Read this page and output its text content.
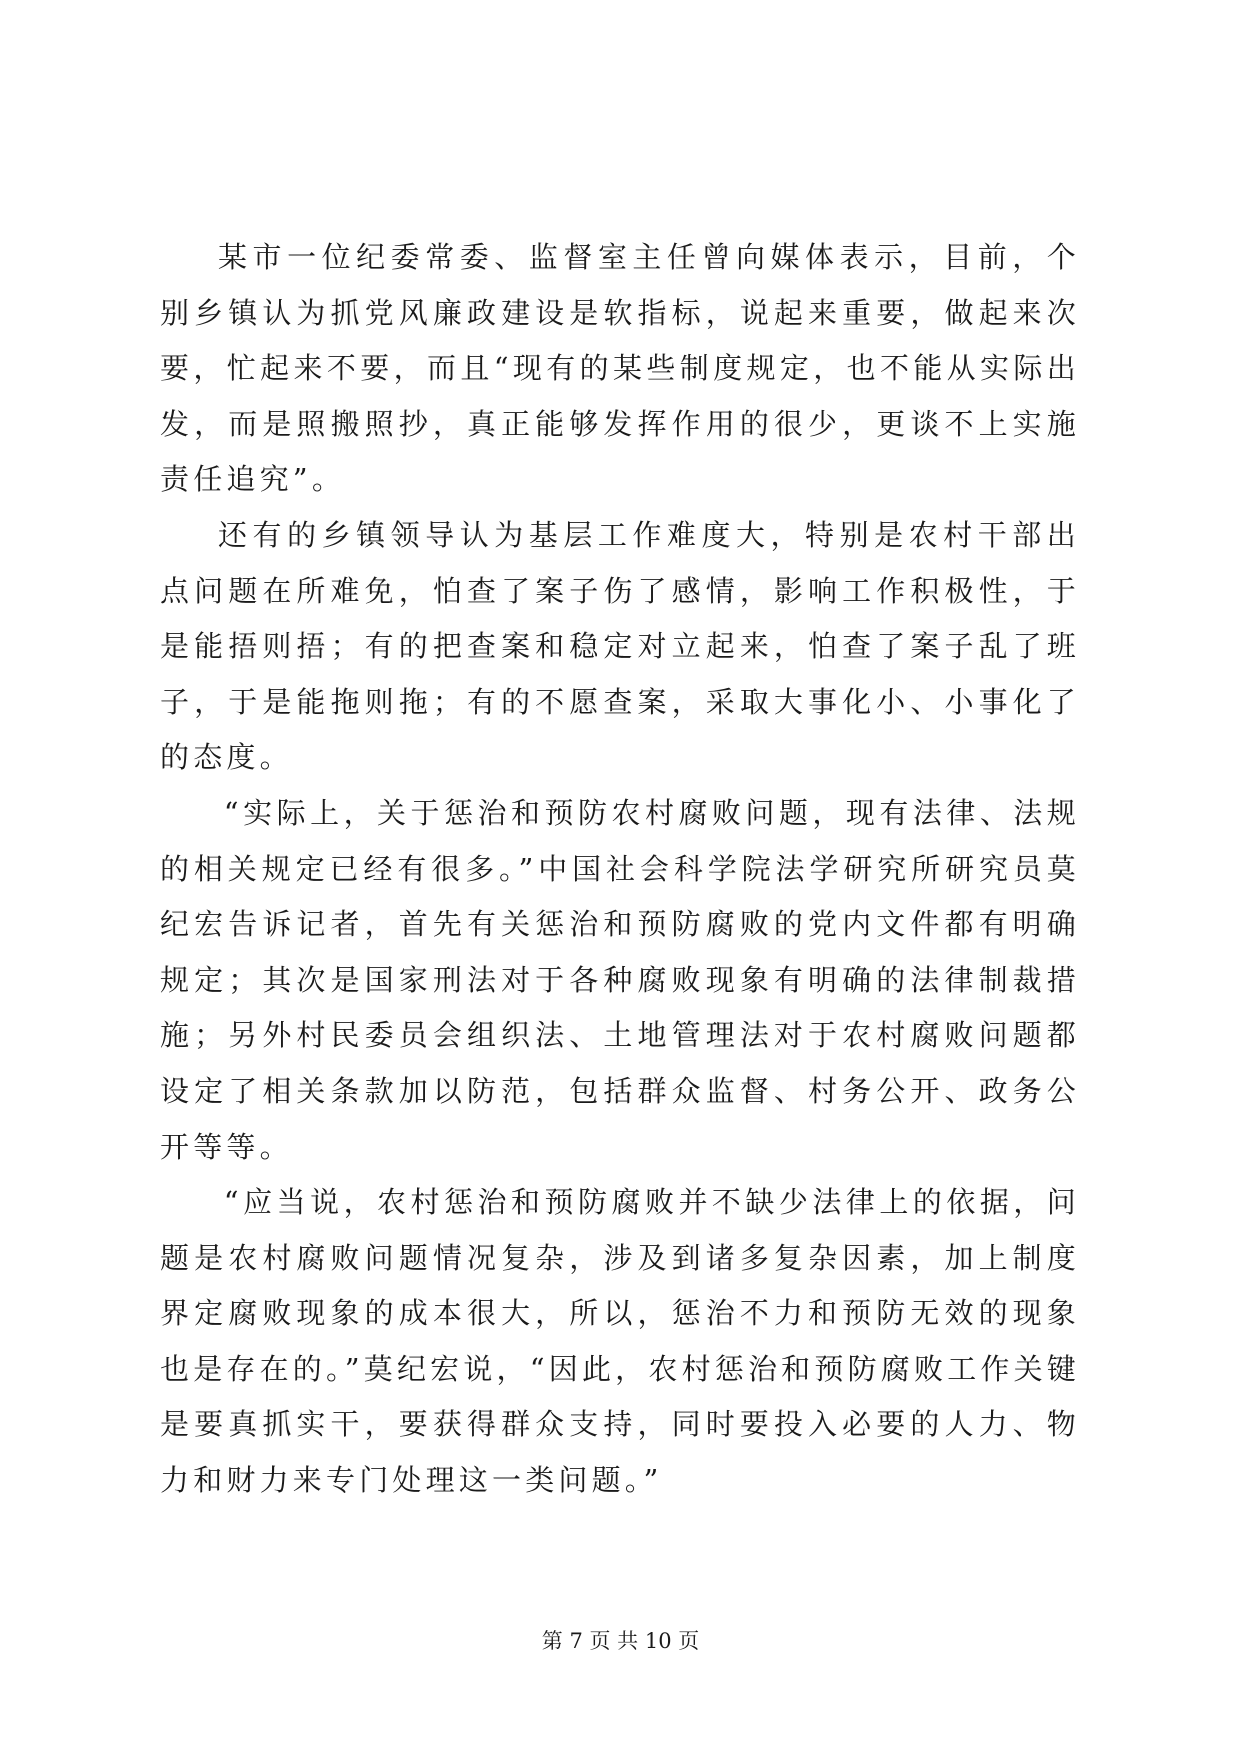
某市一位纪委常委、监督室主任曾向媒体表示，目前，个别乡镇认为抓党风廉政建设是软指标，说起来重要，做起来次要，忙起来不要，而且“现有的某些制度规定，也不能从实际出发，而是照搬照抄，真正能够发挥作用的很少，更谈不上实施责任追究”。

还有的乡镇领导认为基层工作难度大，特别是农村干部出点问题在所难免，怕查了案子伤了感情，影响工作积极性，于是能捂则捂；有的把查案和稳定对立起来，怕查了案子乱了班子，于是能拖则拖；有的不愿查案，采取大事化小、小事化了的态度。

“实际上，关于惩治和预防农村腐败问题，现有法律、法规的相关规定已经有很多。”中国社会科学院法学研究所研究员莫纪宏告诉记者，首先有关惩治和预防腐败的党内文件都有明确规定；其次是国家刑法对于各种腐败现象有明确的法律制裁措施；另外村民委员会组织法、土地管理法对于农村腐败问题都设定了相关条款加以防范，包括群众监督、村务公开、政务公开等等。

“应当说，农村惩治和预防腐败并不缺少法律上的依据，问题是农村腐败问题情况复杂，涉及到诸多复杂因素，加上制度界定腐败现象的成本很大，所以，惩治不力和预防无效的现象也是存在的。”莫纪宏说，“因此，农村惩治和预防腐败工作关键是要真抓实干，要获得群众支持，同时要投入必要的人力、物力和财力来专门处理这一类问题。”

第 7 页 共 10 页
